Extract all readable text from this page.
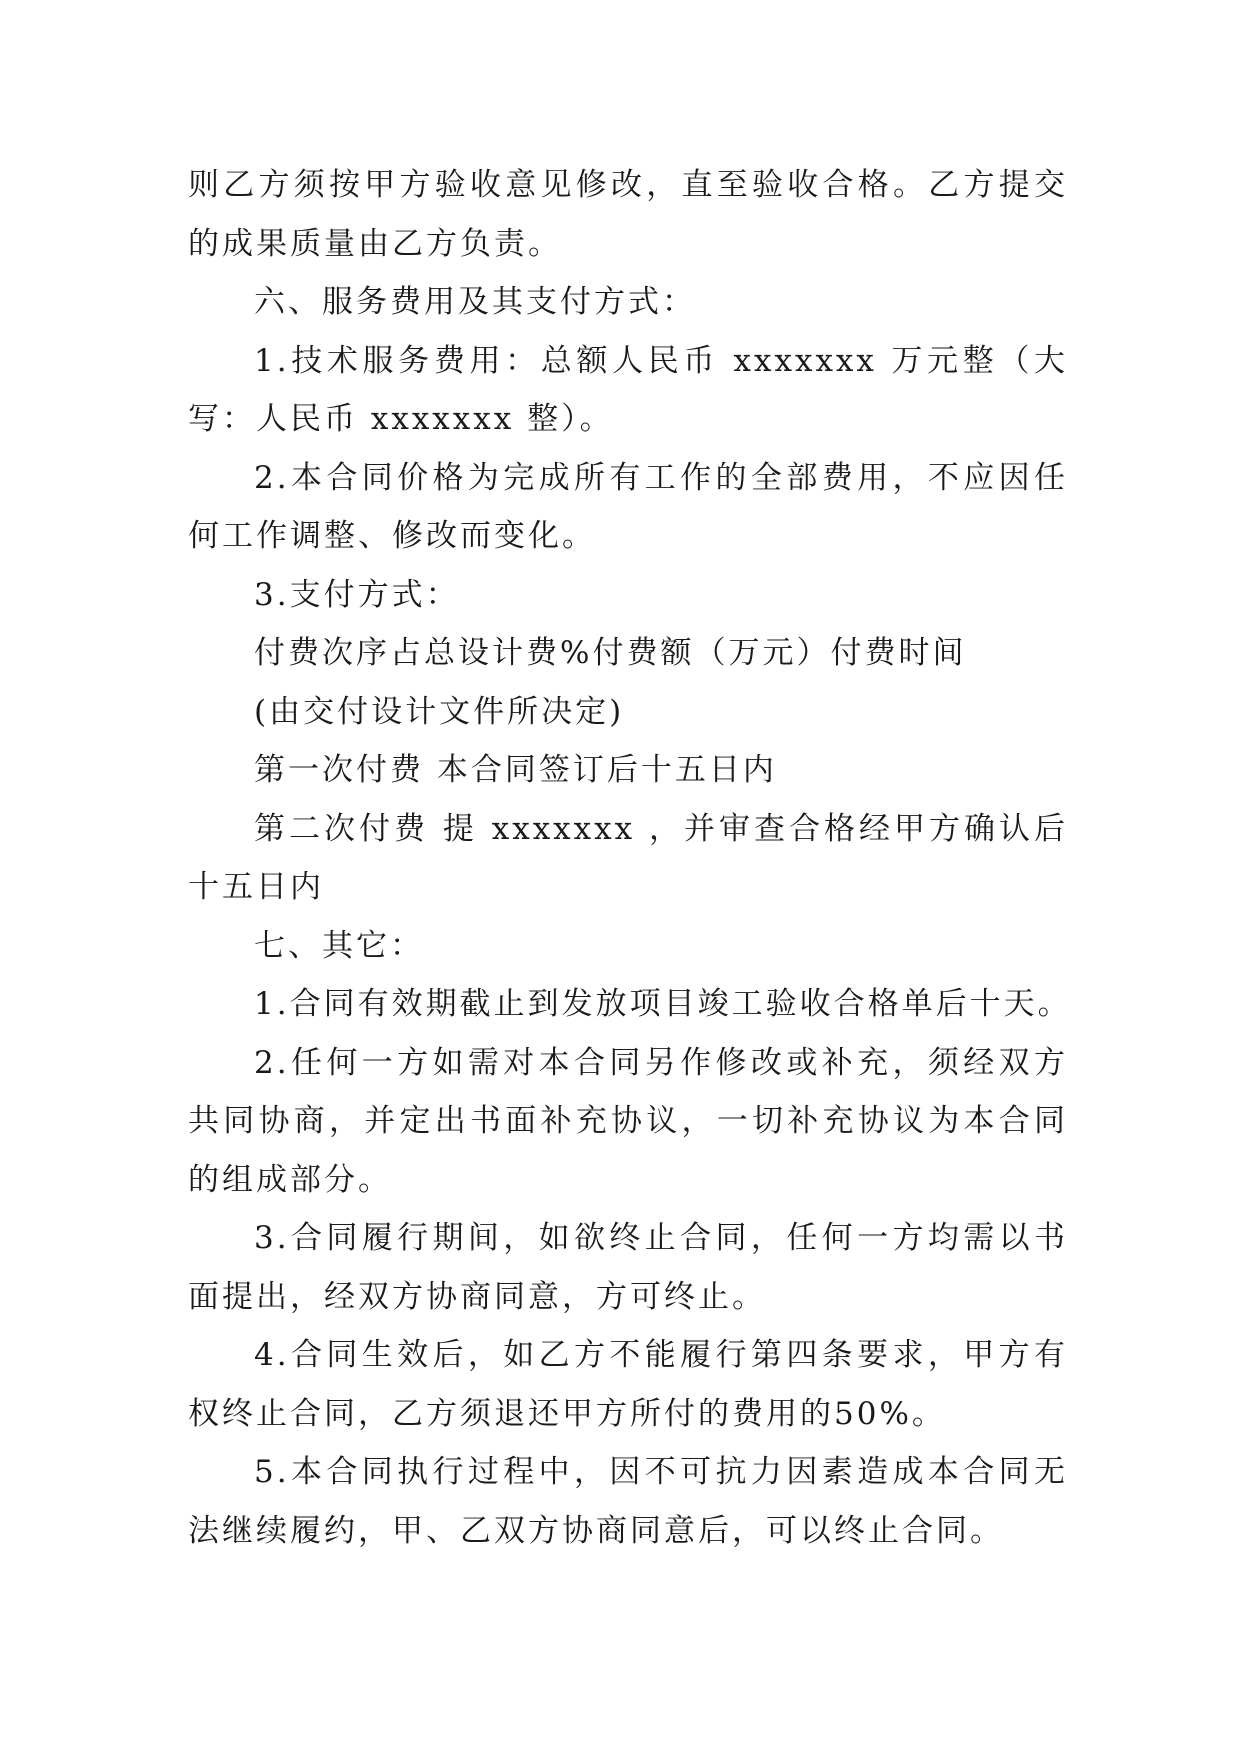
则乙方须按甲方验收意见修改，直至验收合格。乙方提交的成果质量由乙方负责。

六、服务费用及其支付方式：

1.技术服务费用：总额人民币 xxxxxxx 万元整（大写：人民币 xxxxxxx 整）。

2.本合同价格为完成所有工作的全部费用，不应因任何工作调整、修改而变化。

3.支付方式：

付费次序占总设计费%付费额（万元）付费时间

(由交付设计文件所决定)

第一次付费 本合同签订后十五日内

第二次付费 提 xxxxxxx ，并审查合格经甲方确认后十五日内

七、其它：

1.合同有效期截止到发放项目竣工验收合格单后十天。

2.任何一方如需对本合同另作修改或补充，须经双方共同协商，并定出书面补充协议，一切补充协议为本合同的组成部分。

3.合同履行期间，如欲终止合同，任何一方均需以书面提出，经双方协商同意，方可终止。

4.合同生效后，如乙方不能履行第四条要求，甲方有权终止合同，乙方须退还甲方所付的费用的50%。

5.本合同执行过程中，因不可抗力因素造成本合同无法继续履约，甲、乙双方协商同意后，可以终止合同。
